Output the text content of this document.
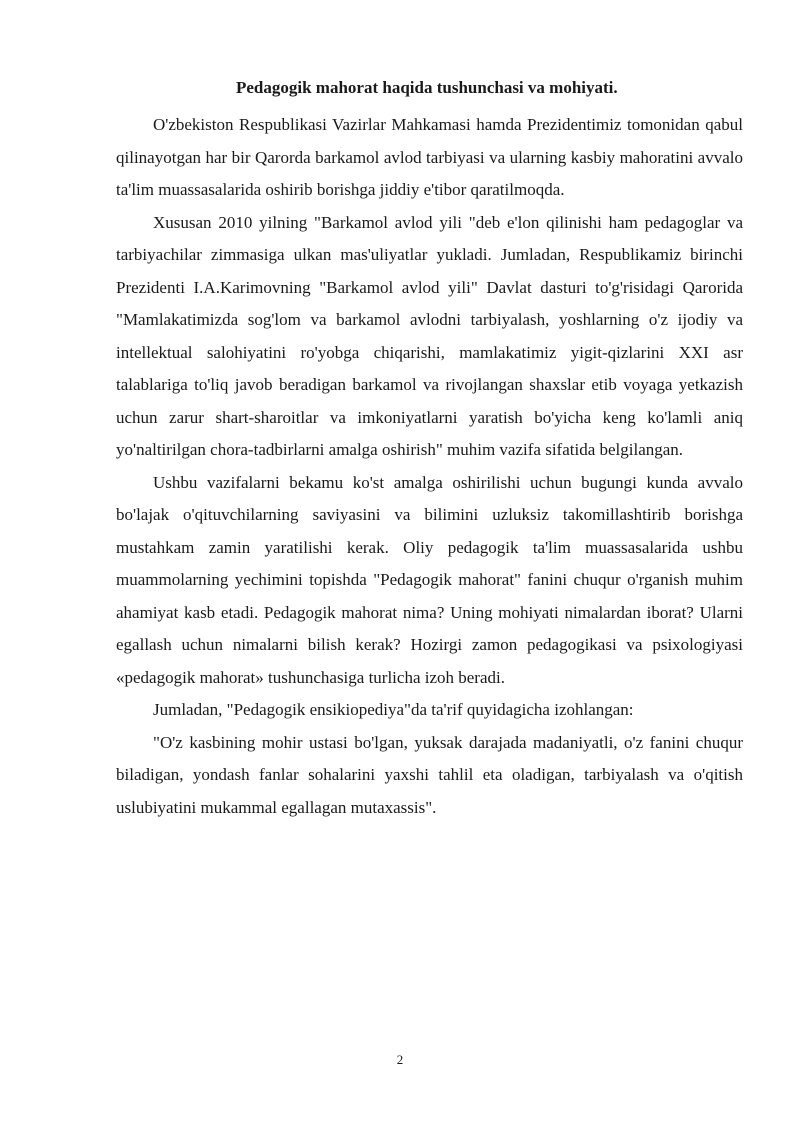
Pedagogik mahorat haqida tushunchasi va mohiyati.

O'zbekiston Respublikasi Vazirlar Mahkamasi hamda Prezidentimiz tomonidan qabul qilinayotgan har bir Qarorda barkamol avlod tarbiyasi va ularning kasbiy mahoratini avvalo ta'lim muassasalarida oshirib borishga jiddiy e'tibor qaratilmoqda.

Xususan 2010 yilning "Barkamol avlod yili "deb e'lon qilinishi ham pedagoglar va tarbiyachilar zimmasiga ulkan mas'uliyatlar yukladi. Jumladan, Respublikamiz birinchi Prezidenti I.A.Karimovning "Barkamol avlod yili" Davlat dasturi to'g'risidagi Qarorida "Mamlakatimizda sog'lom va barkamol avlodni tarbiyalash, yoshlarning o'z ijodiy va intellektual salohiyatini ro'yobga chiqarishi, mamlakatimiz yigit-qizlarini XXI asr talablariga to'liq javob beradigan barkamol va rivojlangan shaxslar etib voyaga yetkazish uchun zarur shart-sharoitlar va imkoniyatlarni yaratish bo'yicha keng ko'lamli aniq yo'naltirilgan chora-tadbirlarni amalga oshirish" muhim vazifa sifatida belgilangan.

Ushbu vazifalarni bekamu ko'st amalga oshirilishi uchun bugungi kunda avvalo bo'lajak o'qituvchilarning saviyasini va bilimini uzluksiz takomillashtirib borishga mustahkam zamin yaratilishi kerak. Oliy pedagogik ta'lim muassasalarida ushbu muammolarning yechimini topishda "Pedagogik mahorat" fanini chuqur o'rganish muhim ahamiyat kasb etadi. Pedagogik mahorat nima? Uning mohiyati nimalardan iborat? Ularni egallash uchun nimalarni bilish kerak? Hozirgi zamon pedagogikasi va psixologiyasi «pedagogik mahorat» tushunchasiga turlicha izoh beradi.

Jumladan, "Pedagogik ensikiopediya"da ta'rif quyidagicha izohlangan:

"O'z kasbining mohir ustasi bo'lgan, yuksak darajada madaniyatli, o'z fanini chuqur biladigan, yondash fanlar sohalarini yaxshi tahlil eta oladigan, tarbiyalash va o'qitish uslubiyatini mukammal egallagan mutaxassis".

2
